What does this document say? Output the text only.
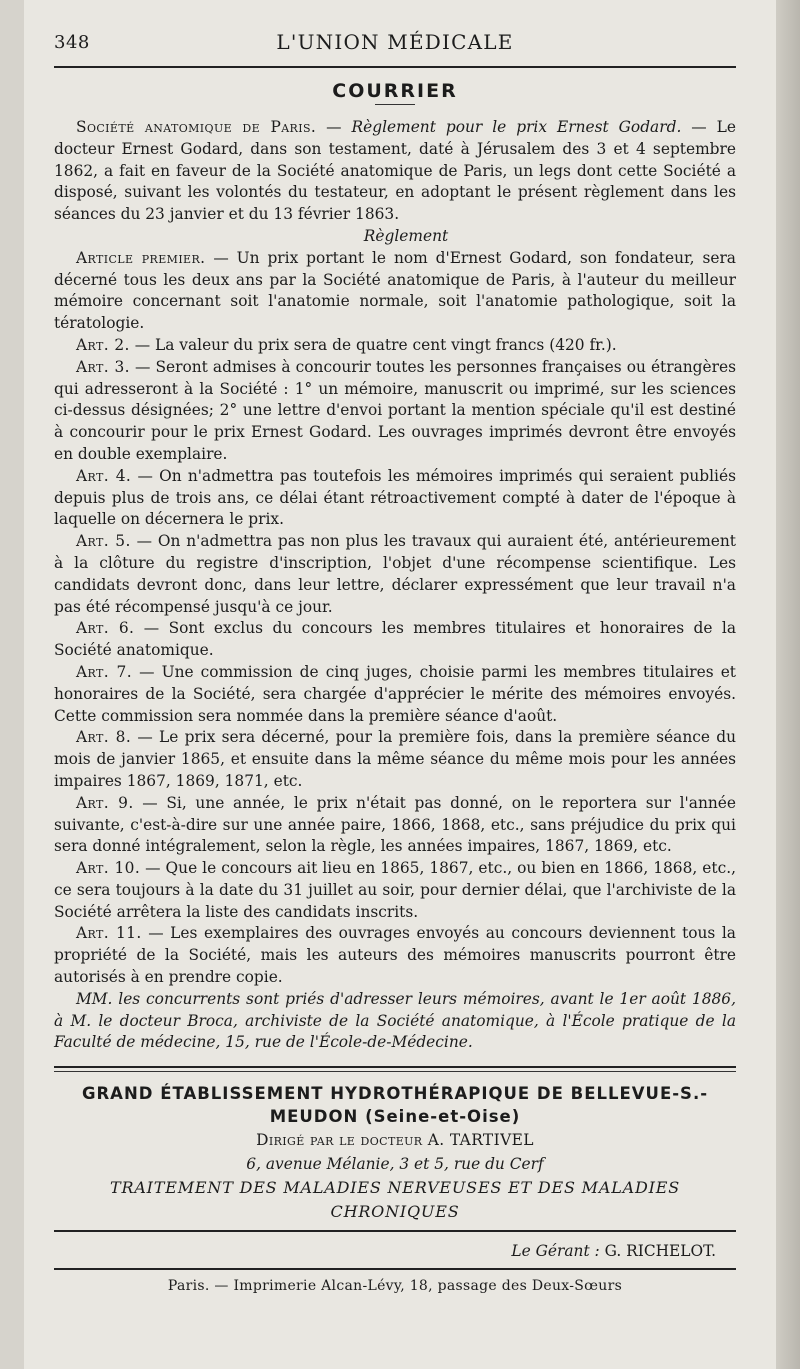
348	L'UNION MÉDICALE
COURRIER

Société anatomique de Paris. — Règlement pour le prix Ernest Godard. — Le docteur Ernest Godard, dans son testament, daté à Jérusalem des 3 et 4 septembre 1862, a fait en faveur de la Société anatomique de Paris, un legs dont cette Société a disposé, suivant les volontés du testateur, en adoptant le présent règlement dans les séances du 23 janvier et du 13 février 1863.

Règlement

Article premier. — Un prix portant le nom d'Ernest Godard, son fondateur, sera décerné tous les deux ans par la Société anatomique de Paris, à l'auteur du meilleur mémoire concernant soit l'anatomie normale, soit l'anatomie pathologique, soit la tératologie.

Art. 2. — La valeur du prix sera de quatre cent vingt francs (420 fr.).

Art. 3. — Seront admises à concourir toutes les personnes françaises ou étrangères qui adresseront à la Société : 1° un mémoire, manuscrit ou imprimé, sur les sciences ci-dessus désignées; 2° une lettre d'envoi portant la mention spéciale qu'il est destiné à concourir pour le prix Ernest Godard. Les ouvrages imprimés devront être envoyés en double exemplaire.

Art. 4. — On n'admettra pas toutefois les mémoires imprimés qui seraient publiés depuis plus de trois ans, ce délai étant rétroactivement compté à dater de l'époque à laquelle on décernera le prix.

Art. 5. — On n'admettra pas non plus les travaux qui auraient été, antérieurement à la clôture du registre d'inscription, l'objet d'une récompense scientifique. Les candidats devront donc, dans leur lettre, déclarer expressément que leur travail n'a pas été récompensé jusqu'à ce jour.

Art. 6. — Sont exclus du concours les membres titulaires et honoraires de la Société anatomique.

Art. 7. — Une commission de cinq juges, choisie parmi les membres titulaires et honoraires de la Société, sera chargée d'apprécier le mérite des mémoires envoyés. Cette commission sera nommée dans la première séance d'août.

Art. 8. — Le prix sera décerné, pour la première fois, dans la première séance du mois de janvier 1865, et ensuite dans la même séance du même mois pour les années impaires 1867, 1869, 1871, etc.

Art. 9. — Si, une année, le prix n'était pas donné, on le reportera sur l'année suivante, c'est-à-dire sur une année paire, 1866, 1868, etc., sans préjudice du prix qui sera donné intégralement, selon la règle, les années impaires, 1867, 1869, etc.

Art. 10. — Que le concours ait lieu en 1865, 1867, etc., ou bien en 1866, 1868, etc., ce sera toujours à la date du 31 juillet au soir, pour dernier délai, que l'archiviste de la Société arrêtera la liste des candidats inscrits.

Art. 11. — Les exemplaires des ouvrages envoyés au concours deviennent tous la propriété de la Société, mais les auteurs des mémoires manuscrits pourront être autorisés à en prendre copie.

MM. les concurrents sont priés d'adresser leurs mémoires, avant le 1er août 1886, à M. le docteur Broca, archiviste de la Société anatomique, à l'École pratique de la Faculté de médecine, 15, rue de l'École-de-Médecine.

GRAND ÉTABLISSEMENT HYDROTHÉRAPIQUE DE BELLEVUE-S.-
MEUDON (Seine-et-Oise)
Dirigé par le docteur A. TARTIVEL
6, avenue Mélanie, 3 et 5, rue du Cerf
TRAITEMENT DES MALADIES NERVEUSES ET DES MALADIES CHRONIQUES
Le Gérant : G. RICHELOT.
Paris. — Imprimerie Alcan-Lévy, 18, passage des Deux-Sœurs
